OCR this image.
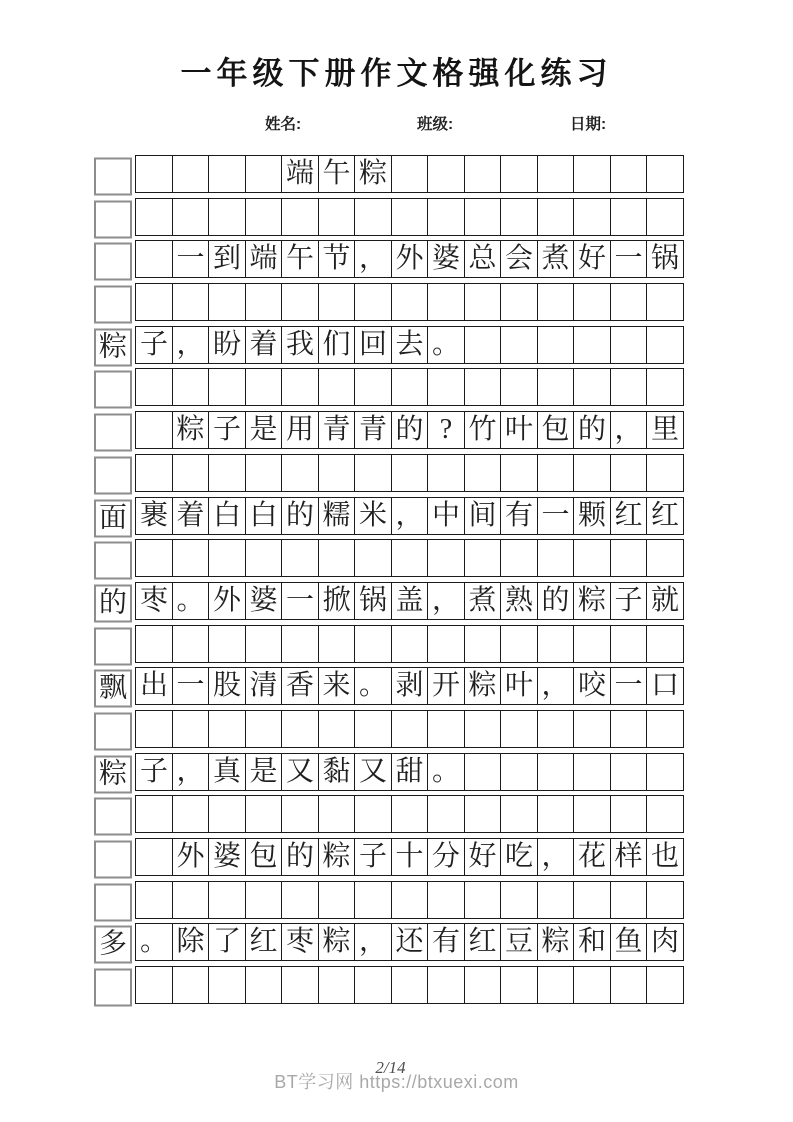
一年级下册作文格强化练习
姓名:	班级:	日期:
端 午 粽
一 到 端 午 节 ， 外 婆 总 会 煮 好 一 锅
粽 子 ， 盼 着 我 们 回 去 。
粽 子 是 用 青 青 的 ? 竹 叶 包 的 ， 里
面 裹 着 白 白 的 糯 米 ， 中 间 有 一 颗 红 红
的 枣 。 外 婆 一 掀 锅 盖 ， 煮 熟 的 粽 子 就
飘 出 一 股 清 香 来 。 剥 开 粽 叶 ， 咬 一 口
粽 子 ， 真 是 又 黏 又 甜 。
外 婆 包 的 粽 子 十 分 好 吃 ， 花 样 也
多 。 除 了 红 枣 粽 ， 还 有 红 豆 粽 和 鱼 肉
2/14
BT学习网 https://btxuexi.com
